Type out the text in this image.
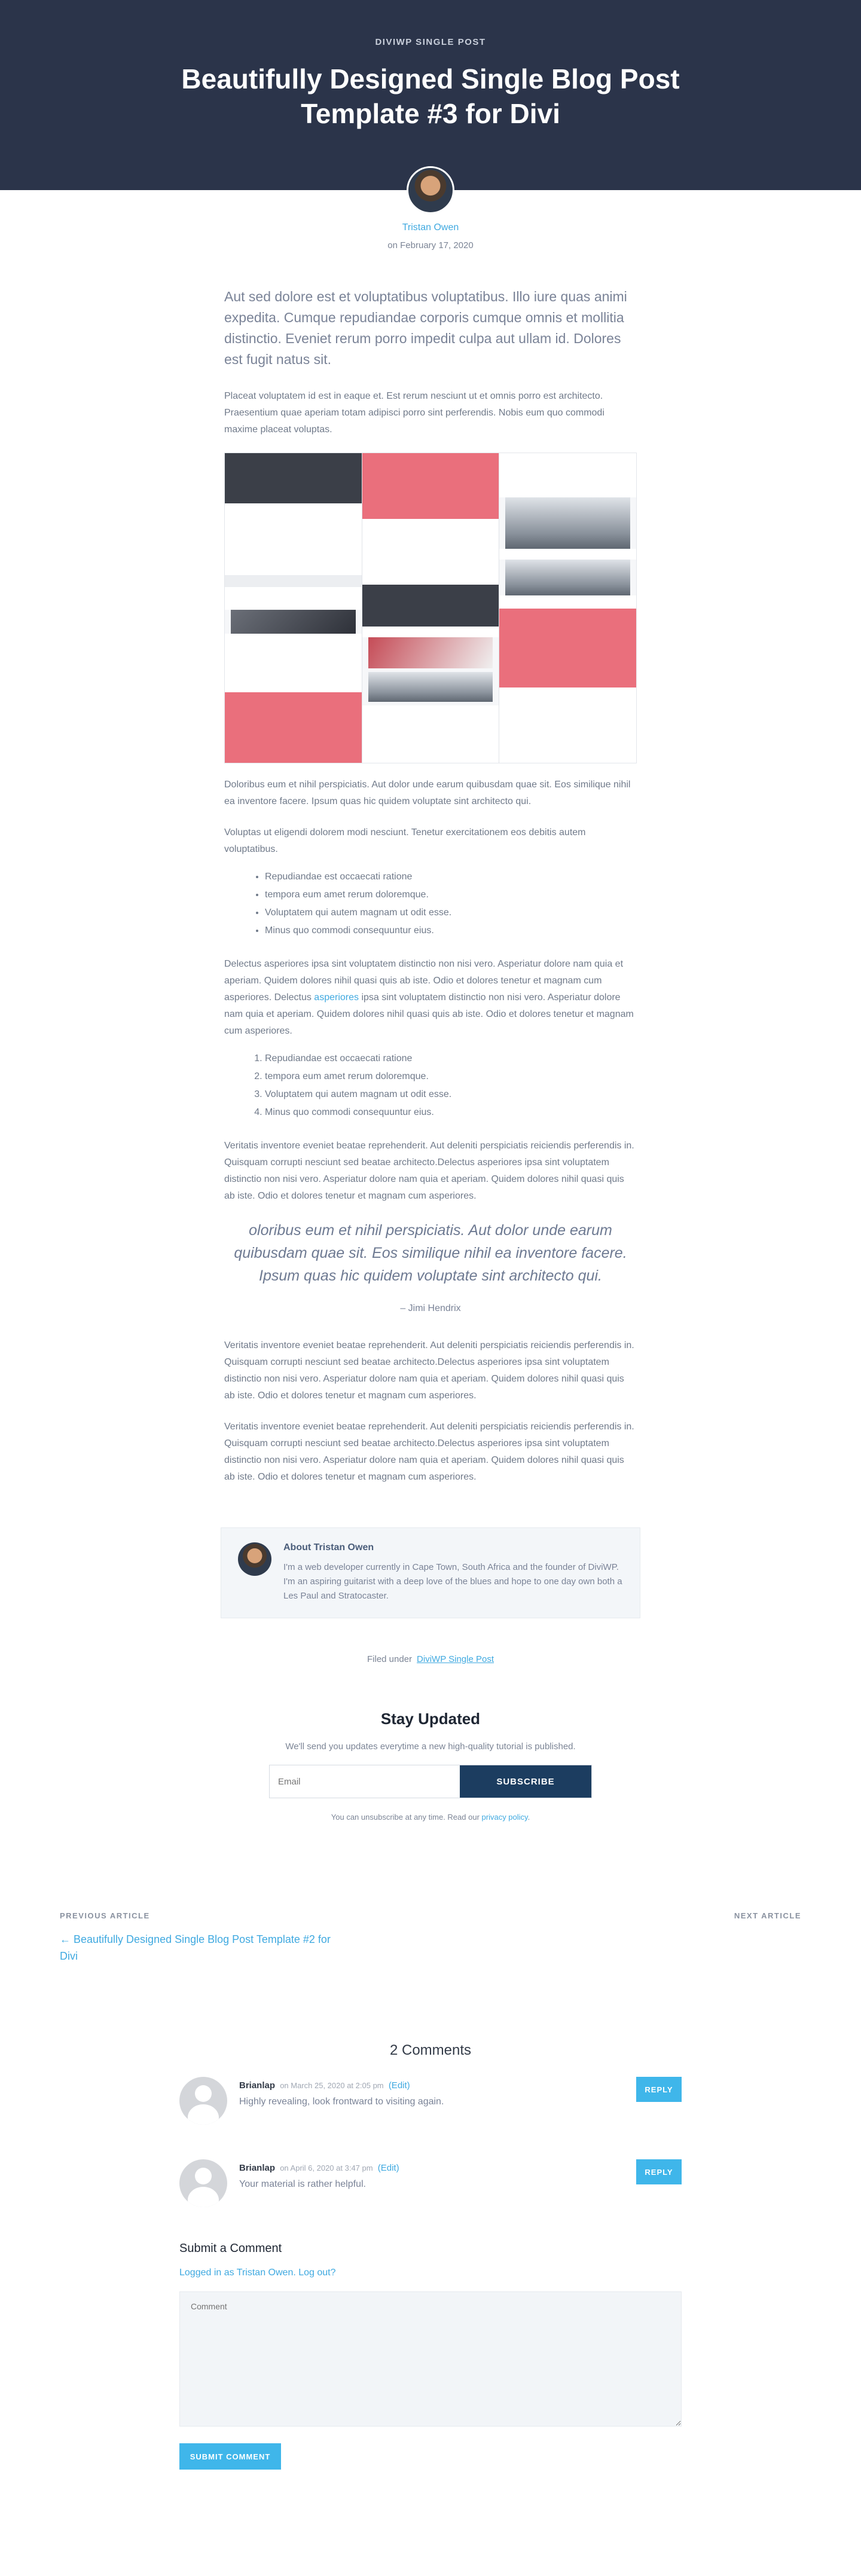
DIVIWP SINGLE POST
Beautifully Designed Single Blog Post Template #3 for Divi
Tristan Owen
on February 17, 2020

Aut sed dolore est et voluptatibus voluptatibus. Illo iure quas animi expedita. Cumque repudiandae corporis cumque omnis et mollitia distinctio. Eveniet rerum porro impedit culpa aut ullam id. Dolores est fugit natus sit.

Placeat voluptatem id est in eaque et. Est rerum nesciunt ut et omnis porro est architecto. Praesentium quae aperiam totam adipisci porro sint perferendis. Nobis eum quo commodi maxime placeat voluptas.

Doloribus eum et nihil perspiciatis. Aut dolor unde earum quibusdam quae sit. Eos similique nihil ea inventore facere. Ipsum quas hic quidem voluptate sint architecto qui.

Voluptas ut eligendi dolorem modi nesciunt. Tenetur exercitationem eos debitis autem voluptatibus.

• Repudiandae est occaecati ratione
• tempora eum amet rerum doloremque.
• Voluptatem qui autem magnam ut odit esse.
• Minus quo commodi consequuntur eius.

Delectus asperiores ipsa sint voluptatem distinctio non nisi vero. Asperiatur dolore nam quia et aperiam. Quidem dolores nihil quasi quis ab iste. Odio et dolores tenetur et magnam cum asperiores. Delectus asperiores ipsa sint voluptatem distinctio non nisi vero. Asperiatur dolore nam quia et aperiam. Quidem dolores nihil quasi quis ab iste. Odio et dolores tenetur et magnam cum asperiores.

1. Repudiandae est occaecati ratione
2. tempora eum amet rerum doloremque.
3. Voluptatem qui autem magnam ut odit esse.
4. Minus quo commodi consequuntur eius.

Veritatis inventore eveniet beatae reprehenderit. Aut deleniti perspiciatis reiciendis perferendis in. Quisquam corrupti nesciunt sed beatae architecto.Delectus asperiores ipsa sint voluptatem distinctio non nisi vero. Asperiatur dolore nam quia et aperiam. Quidem dolores nihil quasi quis ab iste. Odio et dolores tenetur et magnam cum asperiores.

oloribus eum et nihil perspiciatis. Aut dolor unde earum quibusdam quae sit. Eos similique nihil ea inventore facere. Ipsum quas hic quidem voluptate sint architecto qui.
– Jimi Hendrix

Veritatis inventore eveniet beatae reprehenderit. Aut deleniti perspiciatis reiciendis perferendis in. Quisquam corrupti nesciunt sed beatae architecto.Delectus asperiores ipsa sint voluptatem distinctio non nisi vero. Asperiatur dolore nam quia et aperiam. Quidem dolores nihil quasi quis ab iste. Odio et dolores tenetur et magnam cum asperiores.

Veritatis inventore eveniet beatae reprehenderit. Aut deleniti perspiciatis reiciendis perferendis in. Quisquam corrupti nesciunt sed beatae architecto.Delectus asperiores ipsa sint voluptatem distinctio non nisi vero. Asperiatur dolore nam quia et aperiam. Quidem dolores nihil quasi quis ab iste. Odio et dolores tenetur et magnam cum asperiores.

About Tristan Owen
I'm a web developer currently in Cape Town, South Africa and the founder of DiviWP. I'm an aspiring guitarist with a deep love of the blues and hope to one day own both a Les Paul and Stratocaster.
Filed under DiviWP Single Post
Stay Updated
We'll send you updates everytime a new high-quality tutorial is published.
Email
SUBSCRIBE
You can unsubscribe at any time. Read our privacy policy.
PREVIOUS ARTICLE
← Beautifully Designed Single Blog Post Template #2 for Divi
NEXT ARTICLE
2 Comments
Brianlap on March 25, 2020 at 2:05 pm (Edit)
Highly revealing, look frontward to visiting again.
REPLY
Brianlap on April 6, 2020 at 3:47 pm (Edit)
Your material is rather helpful.
REPLY
Submit a Comment
Logged in as Tristan Owen. Log out?
Comment SUBMIT COMMENT
